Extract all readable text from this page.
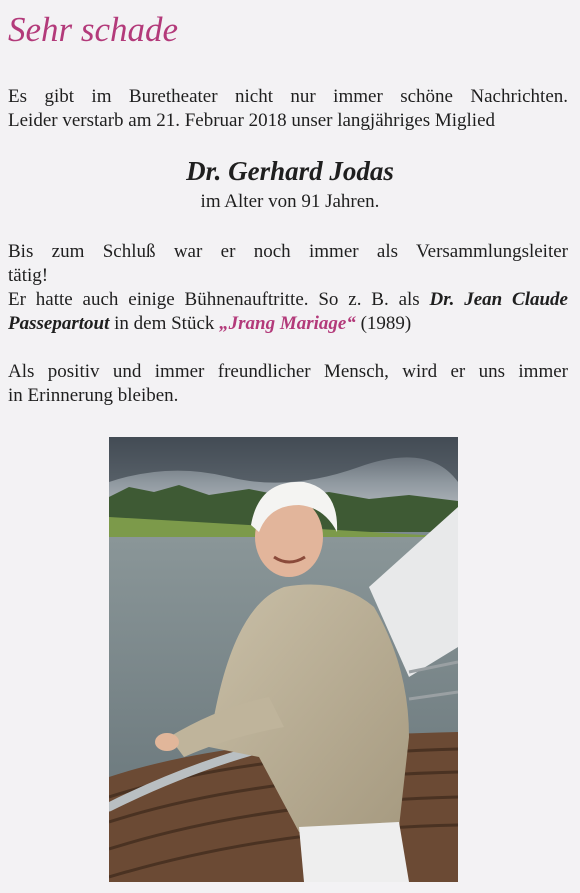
Sehr schade

Es gibt im Buretheater nicht nur immer schöne Nachrichten.
Leider verstarb am 21. Februar 2018 unser langjähriges Miglied

Dr. Gerhard Jodas

im Alter von 91 Jahren.

Bis zum Schluß war er noch immer als Versammlungsleiter
tätig!

Er hatte auch einige Bühnenauftritte. So z. B. als Dr. Jean Claude Passepartout in dem Stück „Jrang Mariage“ (1989)

Als positiv und immer freundlicher Mensch, wird er uns immer
in Erinnerung bleiben.
